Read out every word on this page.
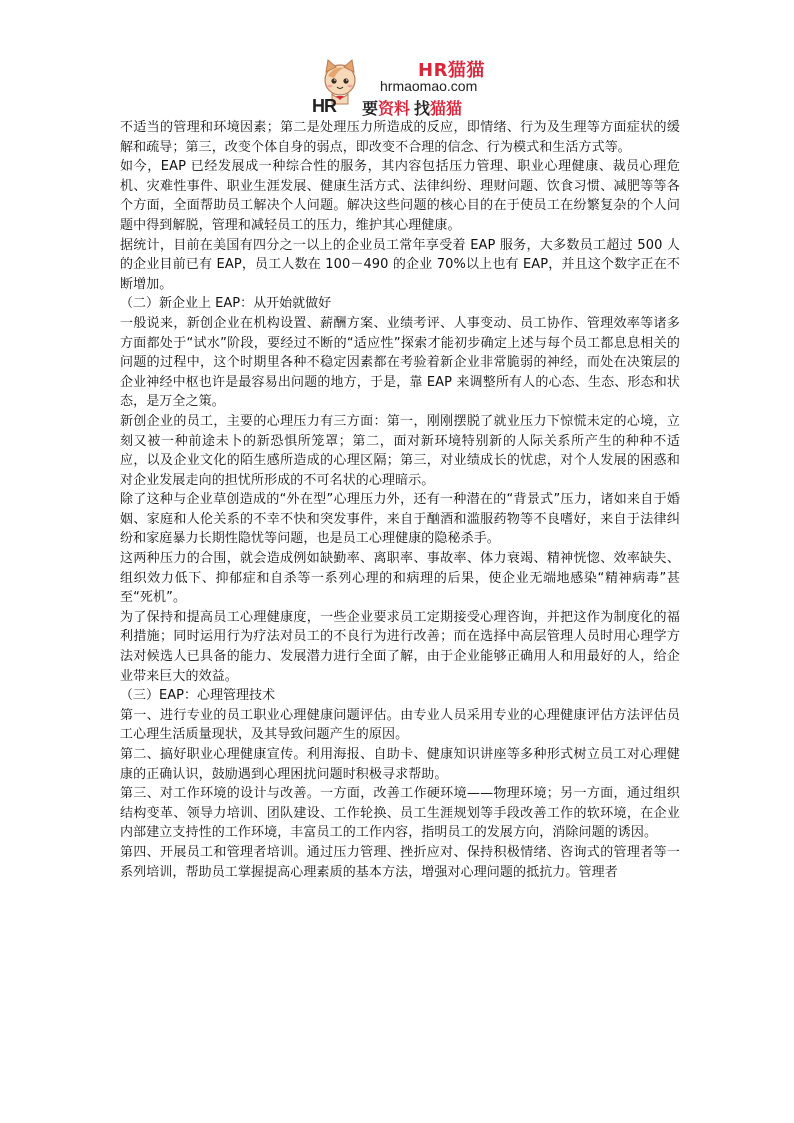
HR猫猫
hrmaomao.com
HR 要资料 找猫猫

不适当的管理和环境因素；第二是处理压力所造成的反应，即情绪、行为及生理等方面症状的缓解和疏导；第三，改变个体自身的弱点，即改变不合理的信念、行为模式和生活方式等。

如今，EAP 已经发展成一种综合性的服务，其内容包括压力管理、职业心理健康、裁员心理危机、灾难性事件、职业生涯发展、健康生活方式、法律纠纷、理财问题、饮食习惯、减肥等等各个方面，全面帮助员工解决个人问题。解决这些问题的核心目的在于使员工在纷繁复杂的个人问题中得到解脱，管理和减轻员工的压力，维护其心理健康。

据统计，目前在美国有四分之一以上的企业员工常年享受着 EAP 服务，大多数员工超过 500 人的企业目前已有 EAP，员工人数在 100－490 的企业 70%以上也有 EAP，并且这个数字正在不断增加。

（二）新企业上 EAP：从开始就做好

一般说来，新创企业在机构设置、薪酬方案、业绩考评、人事变动、员工协作、管理效率等诸多方面都处于“试水”阶段，要经过不断的“适应性”探索才能初步确定上述与每个员工都息息相关的问题的过程中，这个时期里各种不稳定因素都在考验着新企业非常脆弱的神经，而处在决策层的企业神经中枢也许是最容易出问题的地方，于是，靠 EAP 来调整所有人的心态、生态、形态和状态，是万全之策。

新创企业的员工，主要的心理压力有三方面：第一，刚刚摆脱了就业压力下惊慌未定的心境，立刻又被一种前途未卜的新恐惧所笼罩；第二，面对新环境特别新的人际关系所产生的种种不适应，以及企业文化的陌生感所造成的心理区隔；第三，对业绩成长的忧虑，对个人发展的困惑和对企业发展走向的担忧所形成的不可名状的心理暗示。

除了这种与企业草创造成的“外在型”心理压力外，还有一种潜在的“背景式”压力，诸如来自于婚姻、家庭和人伦关系的不幸不快和突发事件，来自于酗酒和滥服药物等不良嗜好，来自于法律纠纷和家庭暴力长期性隐忧等问题，也是员工心理健康的隐秘杀手。

这两种压力的合围，就会造成例如缺勤率、离职率、事故率、体力衰竭、精神恍惚、效率缺失、组织效力低下、抑郁症和自杀等一系列心理的和病理的后果，使企业无端地感染“精神病毒”甚至“死机”。

为了保持和提高员工心理健康度，一些企业要求员工定期接受心理咨询，并把这作为制度化的福利措施；同时运用行为疗法对员工的不良行为进行改善；而在选择中高层管理人员时用心理学方法对候选人已具备的能力、发展潜力进行全面了解，由于企业能够正确用人和用最好的人，给企业带来巨大的效益。

（三）EAP：心理管理技术

第一、进行专业的员工职业心理健康问题评估。由专业人员采用专业的心理健康评估方法评估员工心理生活质量现状，及其导致问题产生的原因。

第二、搞好职业心理健康宣传。利用海报、自助卡、健康知识讲座等多种形式树立员工对心理健康的正确认识，鼓励遇到心理困扰问题时积极寻求帮助。

第三、对工作环境的设计与改善。一方面，改善工作硬环境——物理环境；另一方面，通过组织结构变革、领导力培训、团队建设、工作轮换、员工生涯规划等手段改善工作的软环境，在企业内部建立支持性的工作环境，丰富员工的工作内容，指明员工的发展方向，消除问题的诱因。

第四、开展员工和管理者培训。通过压力管理、挫折应对、保持积极情绪、咨询式的管理者等一系列培训，帮助员工掌握提高心理素质的基本方法，增强对心理问题的抵抗力。管理者
